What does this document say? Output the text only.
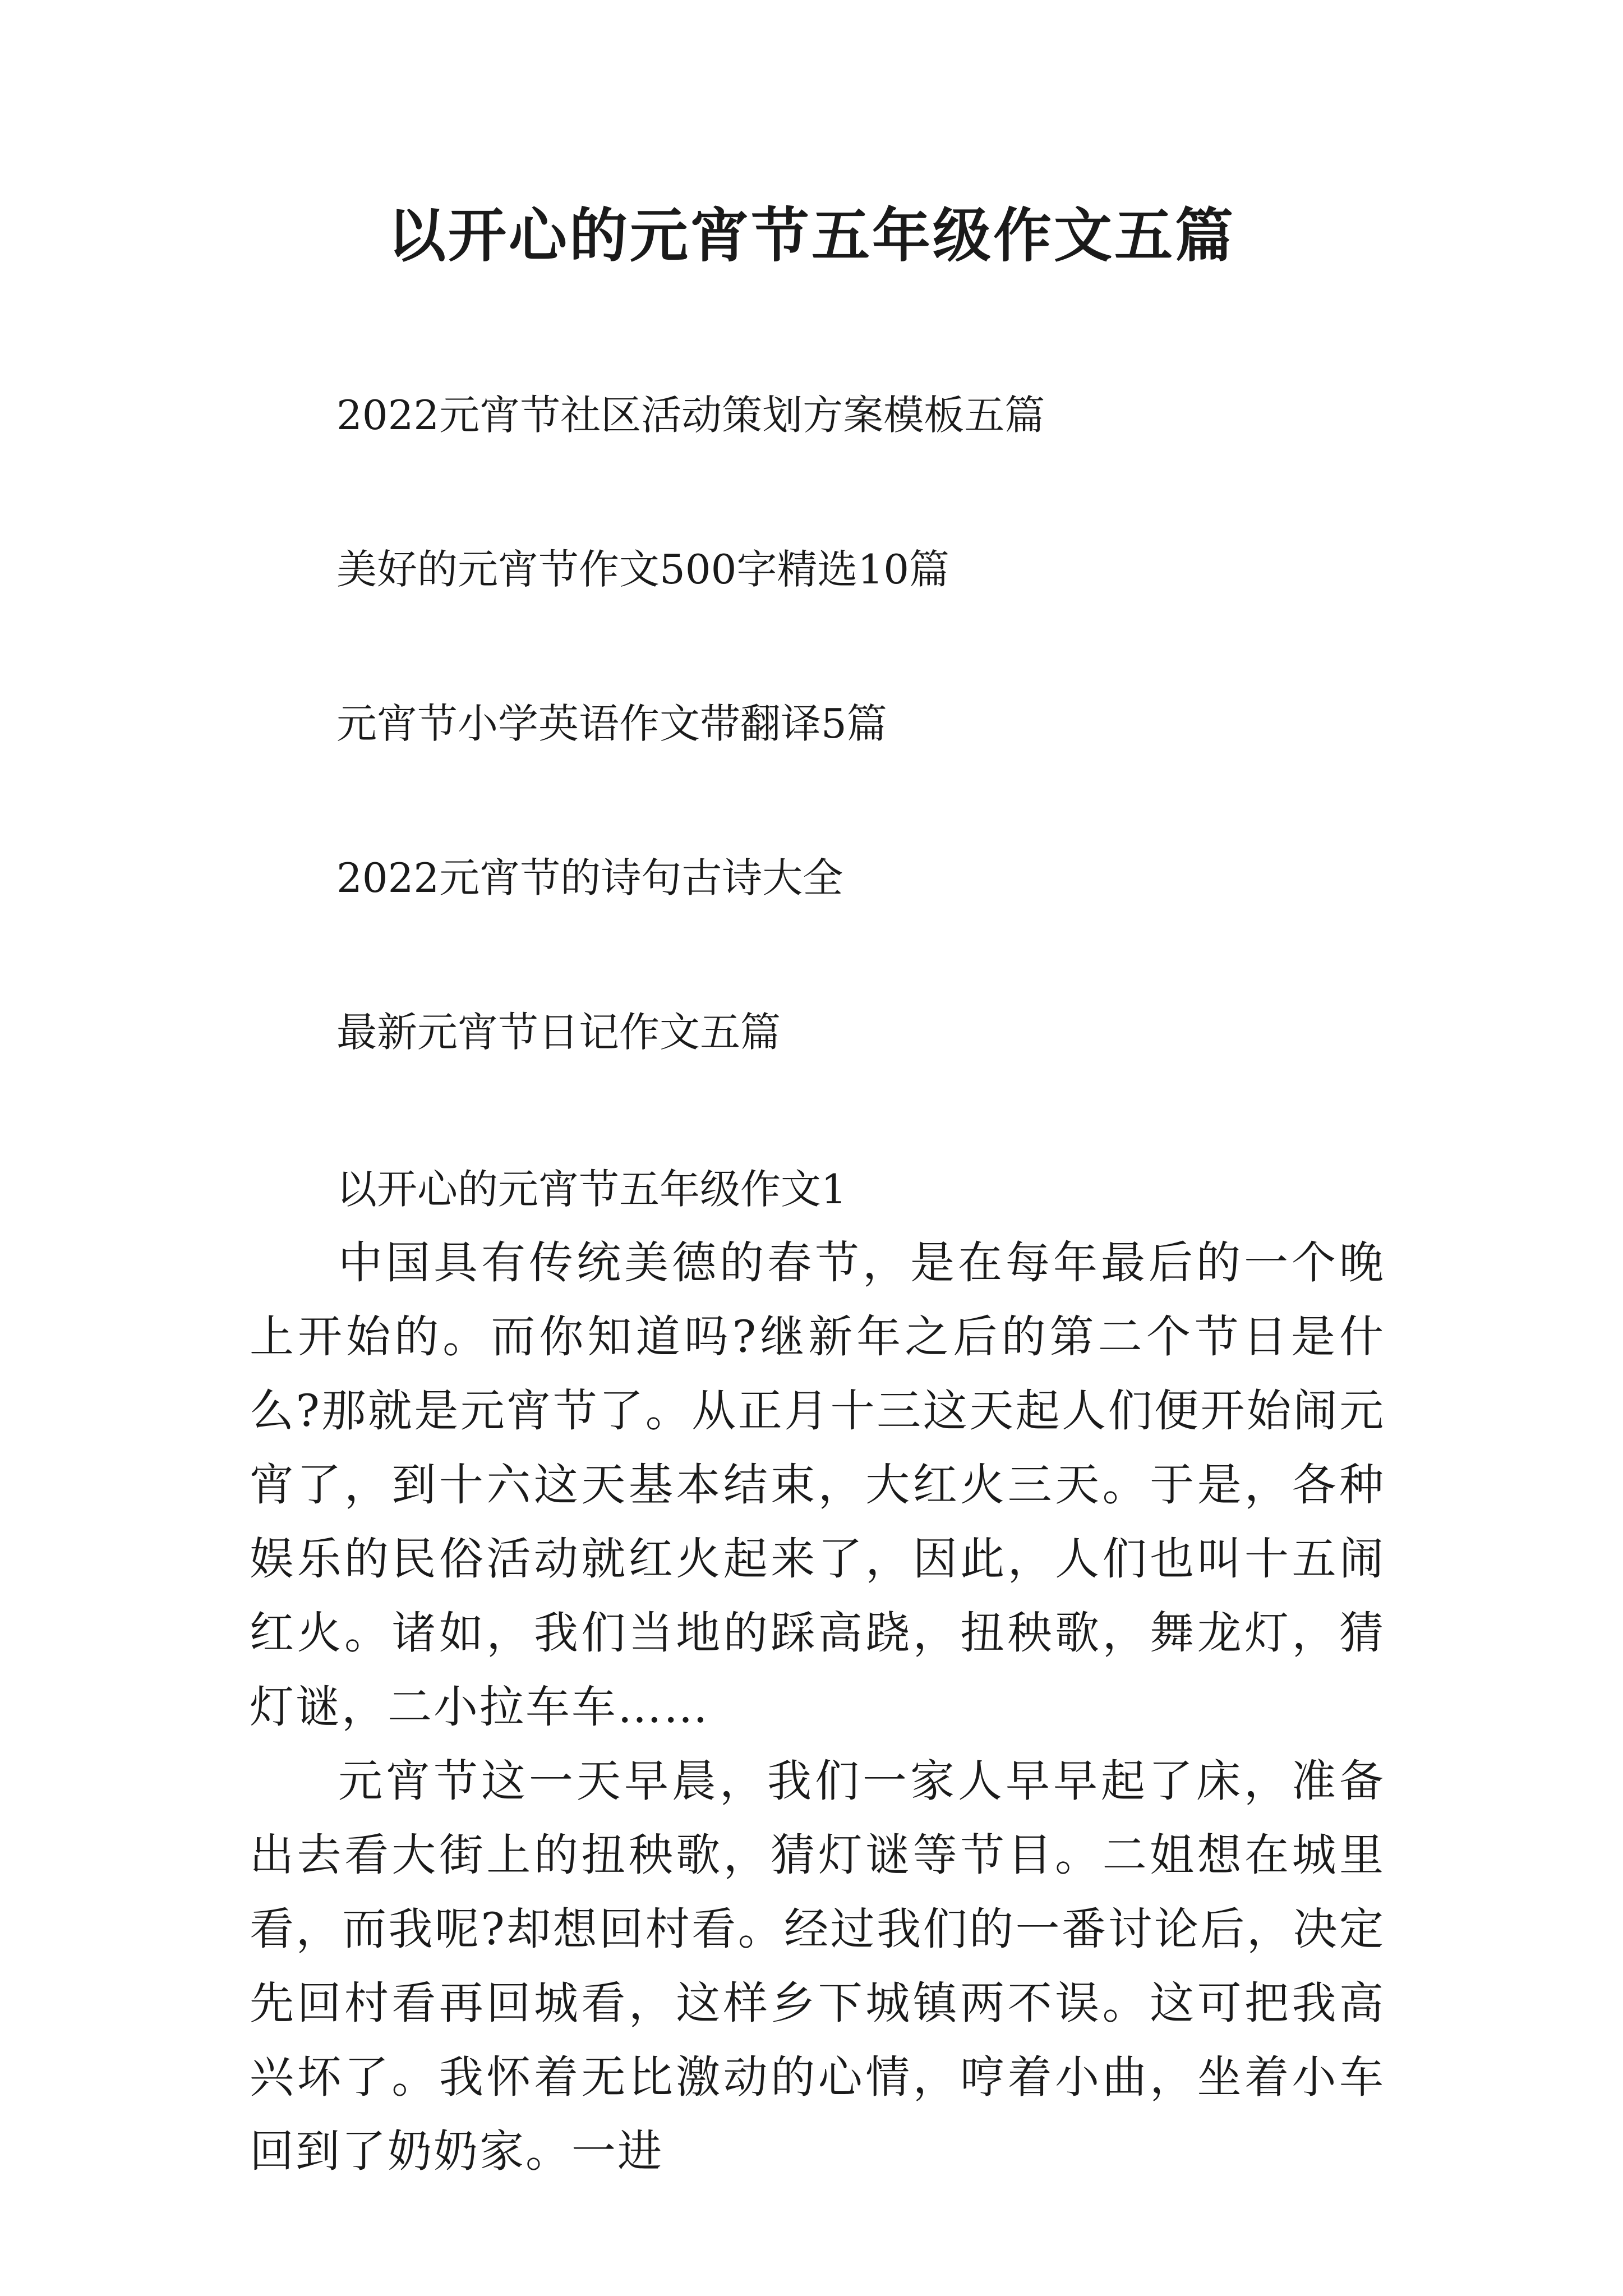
以开心的元宵节五年级作文五篇
2022元宵节社区活动策划方案模板五篇
美好的元宵节作文500字精选10篇
元宵节小学英语作文带翻译5篇
2022元宵节的诗句古诗大全
最新元宵节日记作文五篇
以开心的元宵节五年级作文1

中国具有传统美德的春节，是在每年最后的一个晚上开始的。而你知道吗?继新年之后的第二个节日是什么?那就是元宵节了。从正月十三这天起人们便开始闹元宵了，到十六这天基本结束，大红火三天。于是，各种娱乐的民俗活动就红火起来了，因此，人们也叫十五闹红火。诸如，我们当地的踩高跷，扭秧歌，舞龙灯，猜灯谜，二小拉车车……

元宵节这一天早晨，我们一家人早早起了床，准备出去看大街上的扭秧歌，猜灯谜等节目。二姐想在城里看，而我呢?却想回村看。经过我们的一番讨论后，决定先回村看再回城看，这样乡下城镇两不误。这可把我高兴坏了。我怀着无比激动的心情，哼着小曲，坐着小车回到了奶奶家。一进
